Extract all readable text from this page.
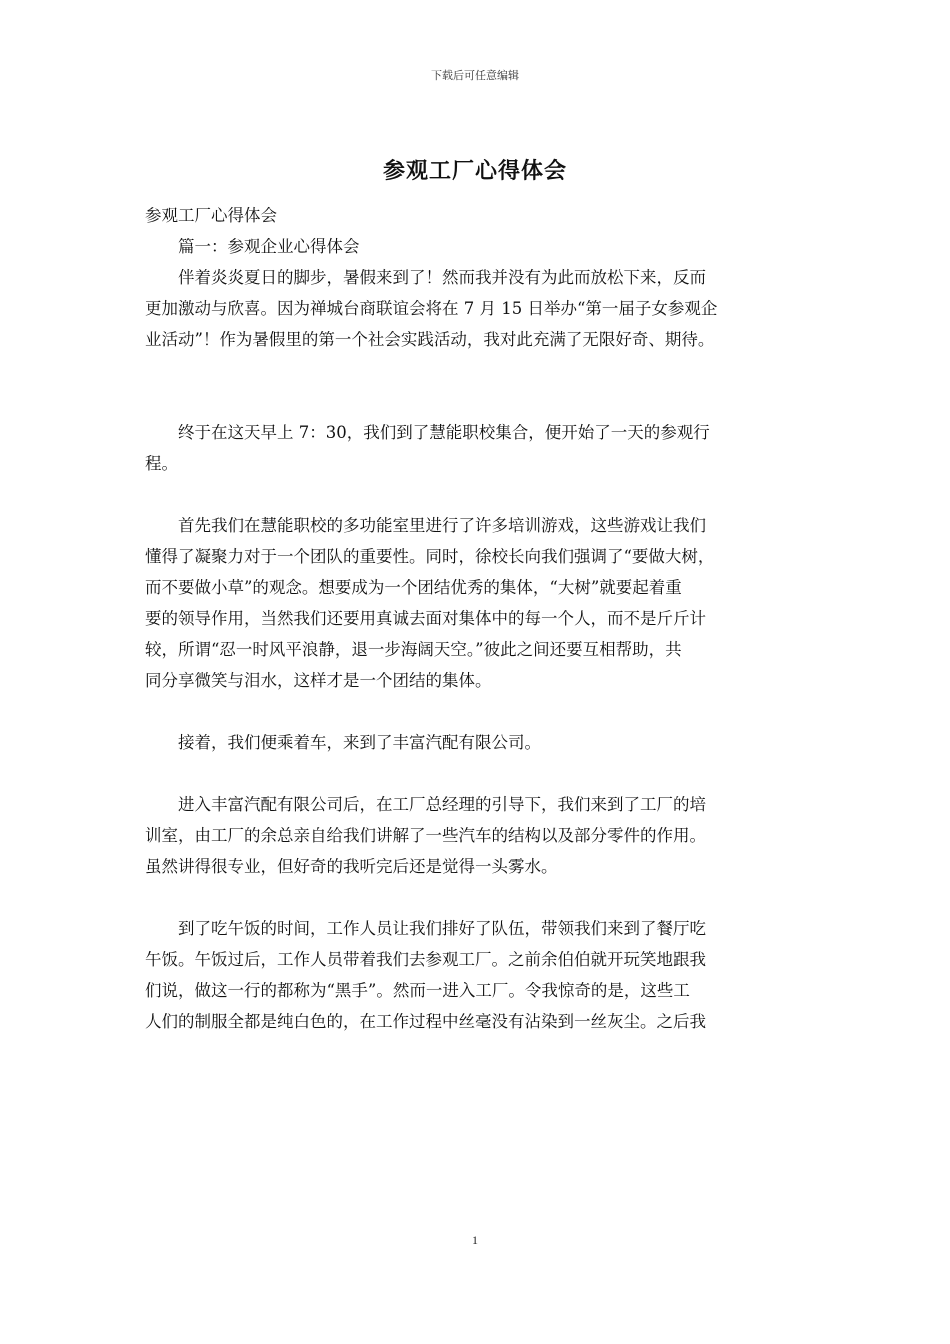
下载后可任意编辑
参观工厂心得体会
参观工厂心得体会
篇一：参观企业心得体会
伴着炎炎夏日的脚步，暑假来到了！然而我并没有为此而放松下来，反而
更加激动与欣喜。因为禅城台商联谊会将在 7 月 15 日举办“第一届子女参观企
业活动”！作为暑假里的第一个社会实践活动，我对此充满了无限好奇、期待。
终于在这天早上 7：30，我们到了慧能职校集合，便开始了一天的参观行
程。
首先我们在慧能职校的多功能室里进行了许多培训游戏，这些游戏让我们
懂得了凝聚力对于一个团队的重要性。同时，徐校长向我们强调了“要做大树，
而不要做小草”的观念。想要成为一个团结优秀的集体，“大树”就要起着重
要的领导作用，当然我们还要用真诚去面对集体中的每一个人，而不是斤斤计
较，所谓“忍一时风平浪静，退一步海阔天空。”彼此之间还要互相帮助，共
同分享微笑与泪水，这样才是一个团结的集体。
接着，我们便乘着车，来到了丰富汽配有限公司。
进入丰富汽配有限公司后，在工厂总经理的引导下，我们来到了工厂的培
训室，由工厂的余总亲自给我们讲解了一些汽车的结构以及部分零件的作用。
虽然讲得很专业，但好奇的我听完后还是觉得一头雾水。
到了吃午饭的时间，工作人员让我们排好了队伍，带领我们来到了餐厅吃
午饭。午饭过后，工作人员带着我们去参观工厂。之前余伯伯就开玩笑地跟我
们说，做这一行的都称为“黑手”。然而一进入工厂。令我惊奇的是，这些工
人们的制服全都是纯白色的，在工作过程中丝毫没有沾染到一丝灰尘。之后我
1
